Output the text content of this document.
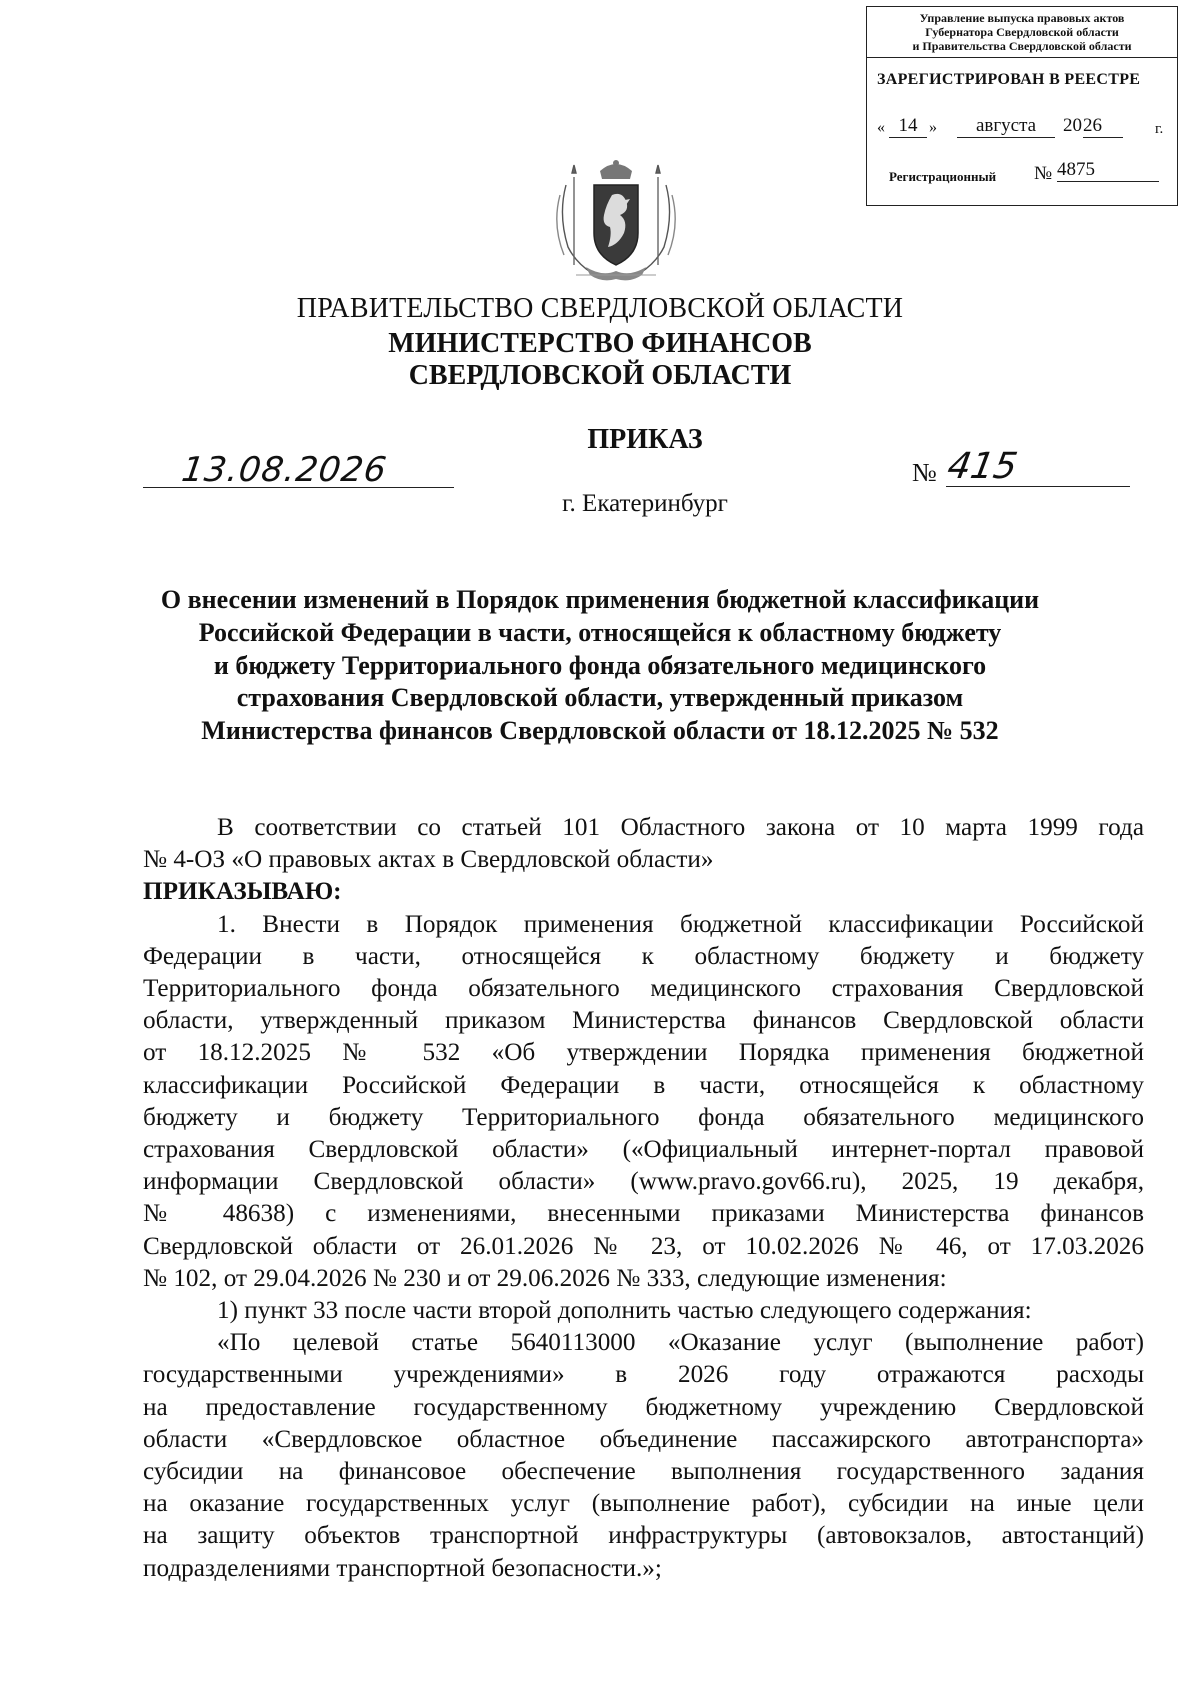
Управление выпуска правовых актов
Губернатора Свердловской области
и Правительства Свердловской области
ЗАРЕГИСТРИРОВАН В РЕЕСТРЕ
« 14 »	августа	20 26	г.
Регистрационный № 4875
ПРАВИТЕЛЬСТВО СВЕРДЛОВСКОЙ ОБЛАСТИ
МИНИСТЕРСТВО ФИНАНСОВ
СВЕРДЛОВСКОЙ ОБЛАСТИ
ПРИКАЗ
13.08.2026	№ 415
г. Екатеринбург
О внесении изменений в Порядок применения бюджетной классификации
Российской Федерации в части, относящейся к областному бюджету
и бюджету Территориального фонда обязательного медицинского
страхования Свердловской области, утвержденный приказом
Министерства финансов Свердловской области от 18.12.2025 № 532
В соответствии со статьей 101 Областного закона от 10 марта 1999 года
№ 4-ОЗ «О правовых актах в Свердловской области»
ПРИКАЗЫВАЮ:
1. Внести в Порядок применения бюджетной классификации Российской
Федерации в части, относящейся к областному бюджету и бюджету
Территориального фонда обязательного медицинского страхования Свердловской
области, утвержденный приказом Министерства финансов Свердловской области
от 18.12.2025 № 532 «Об утверждении Порядка применения бюджетной
классификации Российской Федерации в части, относящейся к областному
бюджету и бюджету Территориального фонда обязательного медицинского
страхования Свердловской области» («Официальный интернет-портал правовой
информации Свердловской области» (www.pravo.gov66.ru), 2025, 19 декабря,
№ 48638) с изменениями, внесенными приказами Министерства финансов
Свердловской области от 26.01.2026 № 23, от 10.02.2026 № 46, от 17.03.2026
№ 102, от 29.04.2026 № 230 и от 29.06.2026 № 333, следующие изменения:
1) пункт 33 после части второй дополнить частью следующего содержания:
«По целевой статье 5640113000 «Оказание услуг (выполнение работ)
государственными учреждениями» в 2026 году отражаются расходы
на предоставление государственному бюджетному учреждению Свердловской
области «Свердловское областное объединение пассажирского автотранспорта»
субсидии на финансовое обеспечение выполнения государственного задания
на оказание государственных услуг (выполнение работ), субсидии на иные цели
на защиту объектов транспортной инфраструктуры (автовокзалов, автостанций)
подразделениями транспортной безопасности.»;
